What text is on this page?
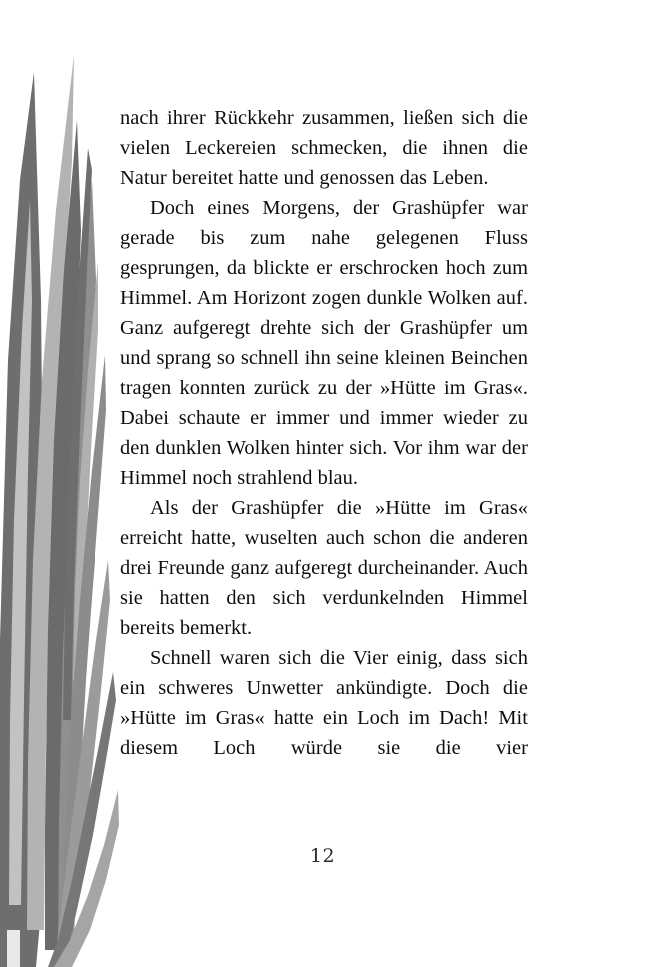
nach ihrer Rückkehr zusammen, ließen sich die vielen Leckereien schmecken, die ihnen die Natur bereitet hatte und genossen das Leben.

Doch eines Morgens, der Grashüpfer war gerade bis zum nahe gelegenen Fluss gesprungen, da blickte er erschrocken hoch zum Himmel. Am Horizont zogen dunkle Wolken auf. Ganz aufgeregt drehte sich der Grashüpfer um und sprang so schnell ihn seine kleinen Beinchen tragen konnten zurück zu der »Hütte im Gras«. Dabei schaute er immer und immer wieder zu den dunklen Wolken hinter sich. Vor ihm war der Himmel noch strahlend blau.

Als der Grashüpfer die »Hütte im Gras« erreicht hatte, wuselten auch schon die anderen drei Freunde ganz aufgeregt durcheinander. Auch sie hatten den sich verdunkelnden Himmel bereits bemerkt.

Schnell waren sich die Vier einig, dass sich ein schweres Unwetter ankündigte. Doch die »Hütte im Gras« hatte ein Loch im Dach! Mit diesem Loch würde sie die vier

12
